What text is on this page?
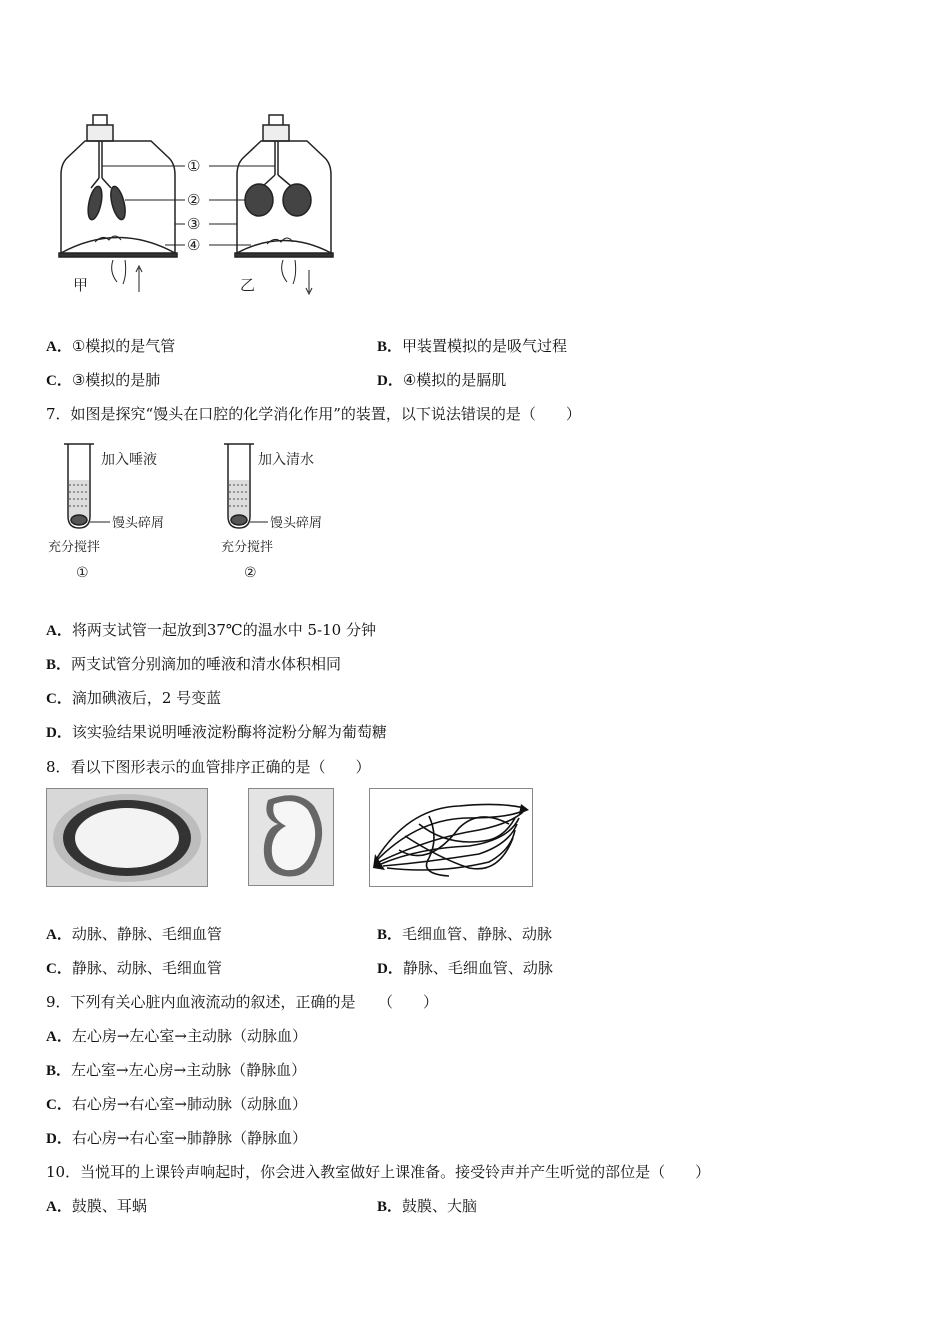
甲	乙
①
②
③
④
A．①模拟的是气管	B．甲装置模拟的是吸气过程
C．③模拟的是肺	D．④模拟的是膈肌
7．如图是探究“馒头在口腔的化学消化作用”的装置，以下说法错误的是（　　）
加入唾液
馒头碎屑
充分搅拌
①
加入清水
馒头碎屑
充分搅拌
②
A．将两支试管一起放到37℃的温水中 5-10 分钟
B．两支试管分别滴加的唾液和清水体积相同
C．滴加碘液后，2 号变蓝
D．该实验结果说明唾液淀粉酶将淀粉分解为葡萄糖
8．看以下图形表示的血管排序正确的是（　　）
A．动脉、静脉、毛细血管	B．毛细血管、静脉、动脉
C．静脉、动脉、毛细血管	D．静脉、毛细血管、动脉
9．下列有关心脏内血液流动的叙述，正确的是　　（　　）
A．左心房→左心室→主动脉（动脉血）
B．左心室→左心房→主动脉（静脉血）
C．右心房→右心室→肺动脉（动脉血）
D．右心房→右心室→肺静脉（静脉血）
10．当悦耳的上课铃声响起时，你会进入教室做好上课准备。接受铃声并产生听觉的部位是（　　）
A．鼓膜、耳蜗	B．鼓膜、大脑
